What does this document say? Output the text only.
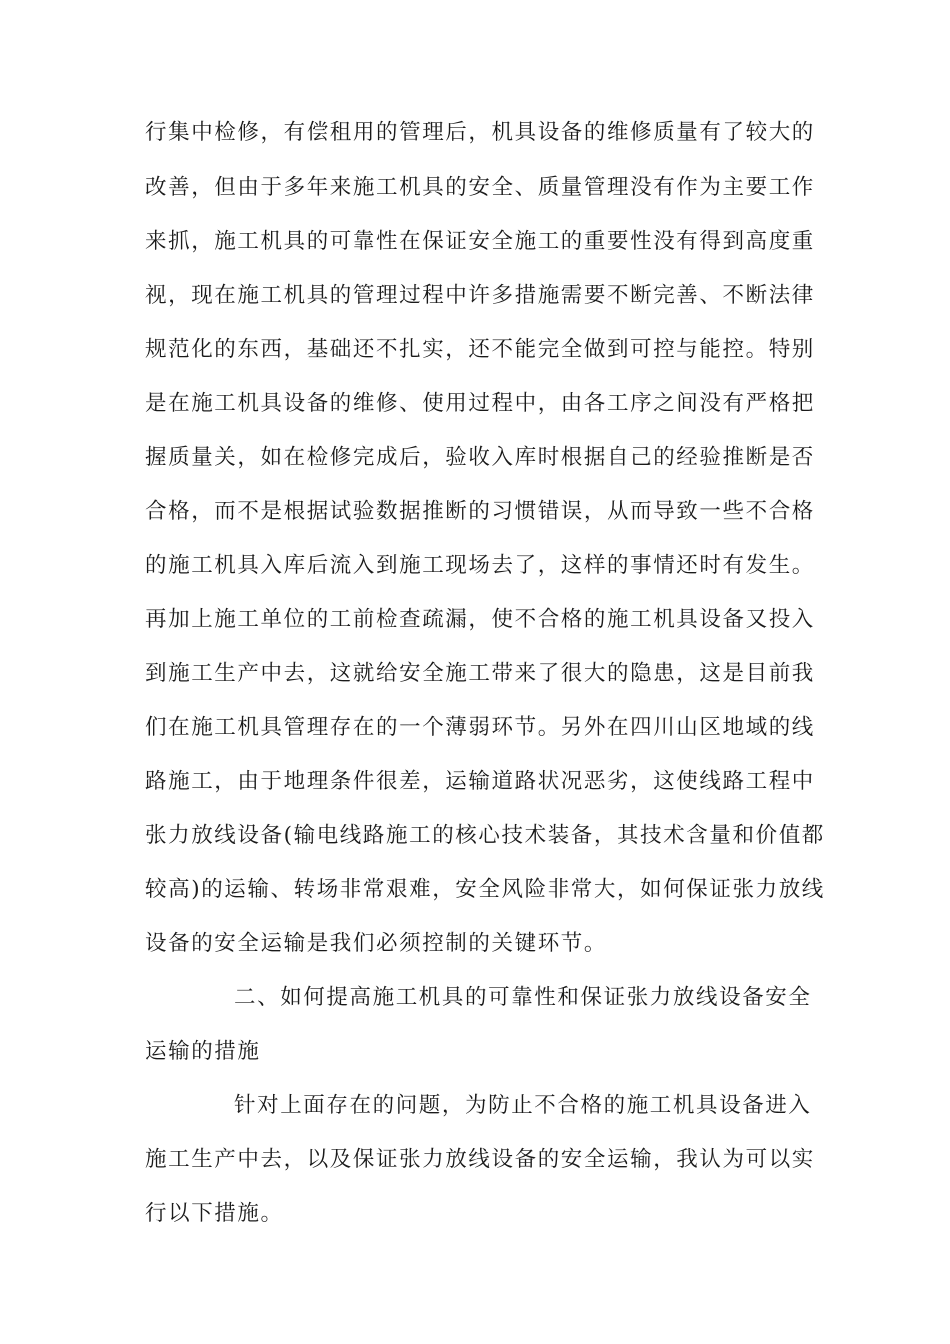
行集中检修，有偿租用的管理后，机具设备的维修质量有了较大的
改善，但由于多年来施工机具的安全、质量管理没有作为主要工作
来抓，施工机具的可靠性在保证安全施工的重要性没有得到高度重
视，现在施工机具的管理过程中许多措施需要不断完善、不断法律
规范化的东西，基础还不扎实，还不能完全做到可控与能控。特别
是在施工机具设备的维修、使用过程中，由各工序之间没有严格把
握质量关，如在检修完成后，验收入库时根据自己的经验推断是否
合格，而不是根据试验数据推断的习惯错误，从而导致一些不合格
的施工机具入库后流入到施工现场去了，这样的事情还时有发生。
再加上施工单位的工前检查疏漏，使不合格的施工机具设备又投入
到施工生产中去，这就给安全施工带来了很大的隐患，这是目前我
们在施工机具管理存在的一个薄弱环节。另外在四川山区地域的线
路施工，由于地理条件很差，运输道路状况恶劣，这使线路工程中
张力放线设备(输电线路施工的核心技术装备，其技术含量和价值都
较高)的运输、转场非常艰难，安全风险非常大，如何保证张力放线
设备的安全运输是我们必须控制的关键环节。
二、如何提高施工机具的可靠性和保证张力放线设备安全
运输的措施
针对上面存在的问题，为防止不合格的施工机具设备进入
施工生产中去，以及保证张力放线设备的安全运输，我认为可以实
行以下措施。
